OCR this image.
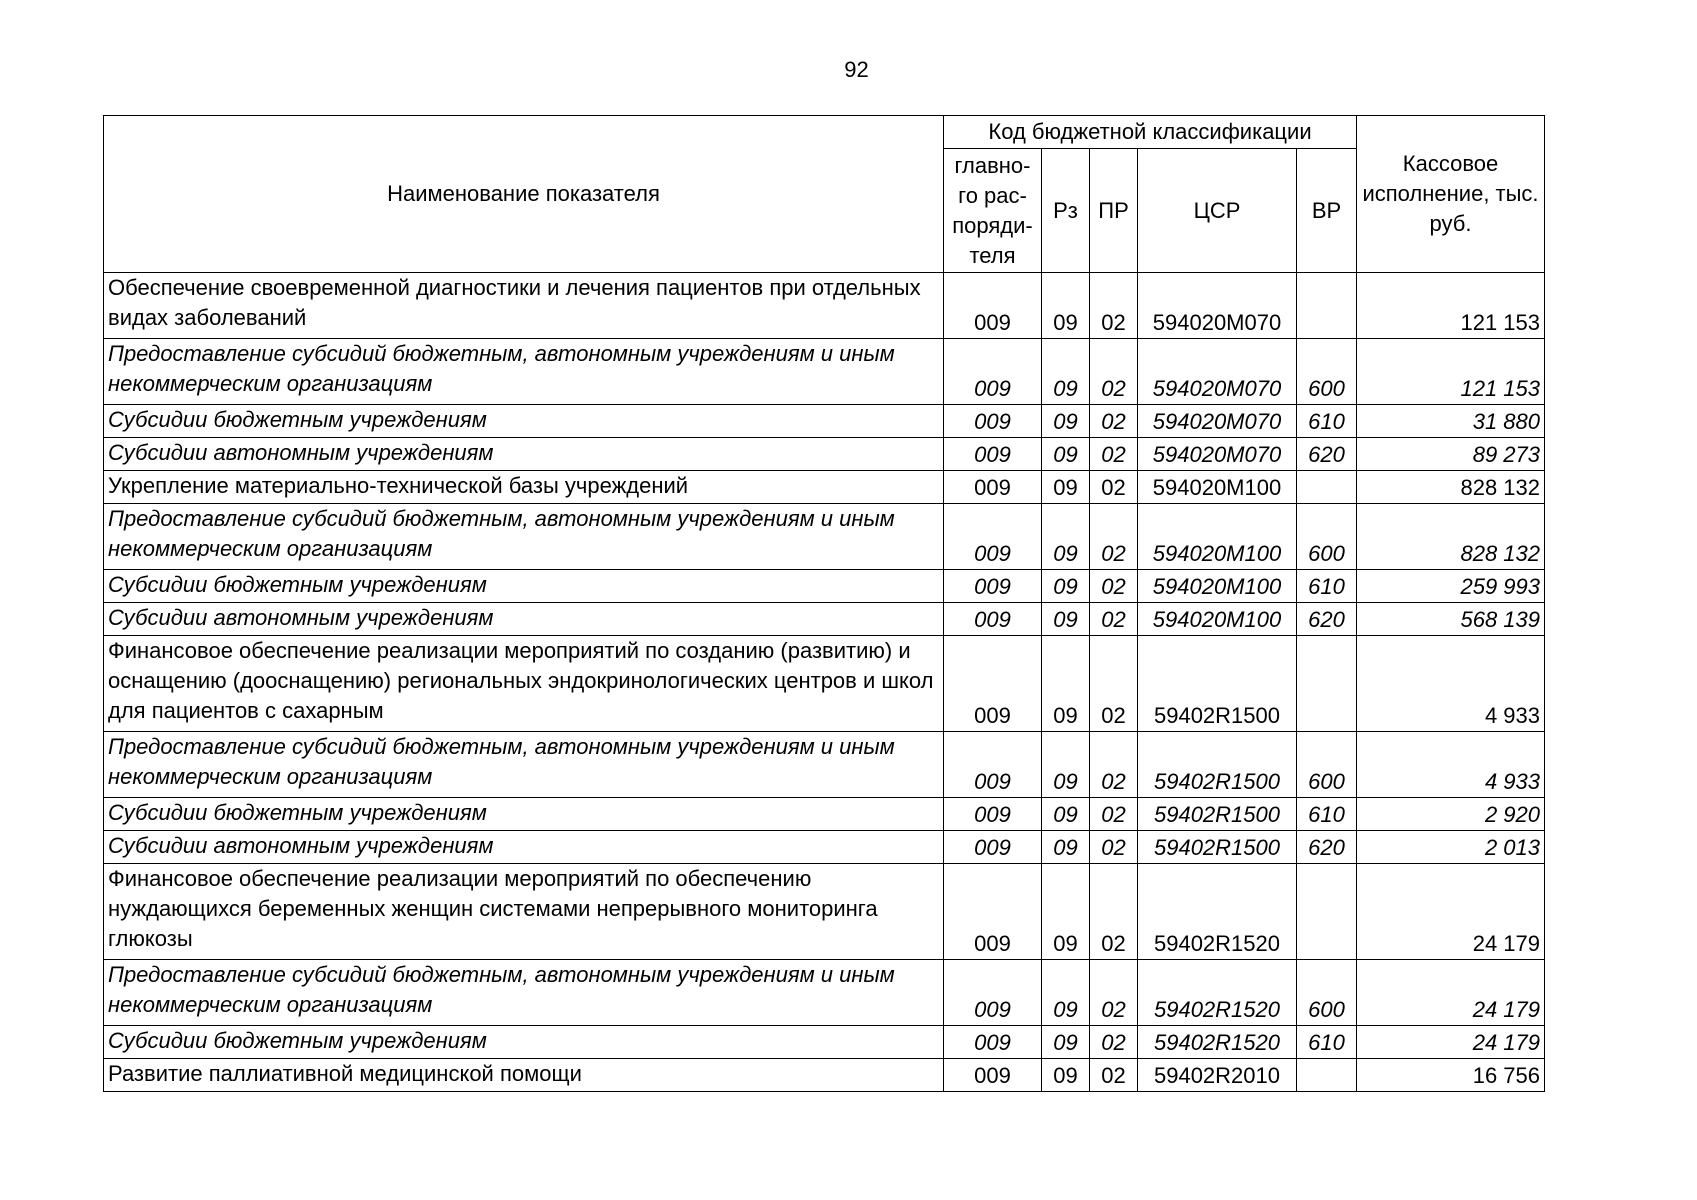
92
Наименование показателя	Код бюджетной классификации					Кассовое исполнение, тыс. руб.
	главно- го рас- поряди- теля	Рз	ПР	ЦСР	ВР	
Обеспечение своевременной диагностики и лечения пациентов при отдельных видах заболеваний	009	09	02	594020М070		121 153
Предоставление субсидий бюджетным, автономным учреждениям и иным некоммерческим организациям	009	09	02	594020М070	600	121 153
Субсидии бюджетным учреждениям	009	09	02	594020М070	610	31 880
Субсидии автономным учреждениям	009	09	02	594020М070	620	89 273
Укрепление материально-технической базы учреждений	009	09	02	594020М100		828 132
Предоставление субсидий бюджетным, автономным учреждениям и иным некоммерческим организациям	009	09	02	594020М100	600	828 132
Субсидии бюджетным учреждениям	009	09	02	594020М100	610	259 993
Субсидии автономным учреждениям	009	09	02	594020М100	620	568 139
Финансовое обеспечение реализации мероприятий по созданию (развитию) и оснащению (дооснащению) региональных эндокринологических центров и школ для пациентов с сахарным	009	09	02	59402R1500		4 933
Предоставление субсидий бюджетным, автономным учреждениям и иным некоммерческим организациям	009	09	02	59402R1500	600	4 933
Субсидии бюджетным учреждениям	009	09	02	59402R1500	610	2 920
Субсидии автономным учреждениям	009	09	02	59402R1500	620	2 013
Финансовое обеспечение реализации мероприятий по обеспечению нуждающихся беременных женщин системами непрерывного мониторинга глюкозы	009	09	02	59402R1520		24 179
Предоставление субсидий бюджетным, автономным учреждениям и иным некоммерческим организациям	009	09	02	59402R1520	600	24 179
Субсидии бюджетным учреждениям	009	09	02	59402R1520	610	24 179
Развитие паллиативной медицинской помощи	009	09	02	59402R2010		16 756
